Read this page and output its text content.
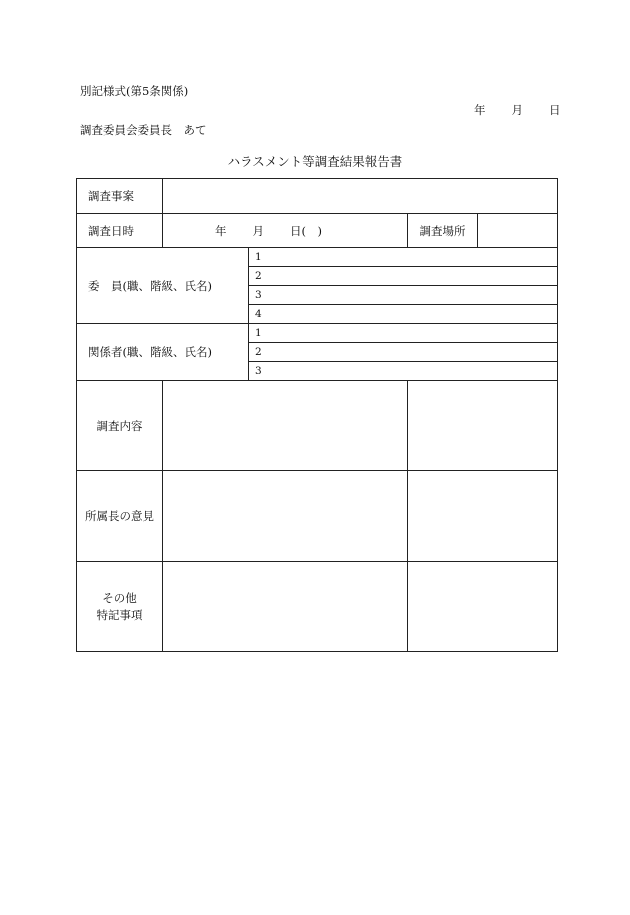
別記様式(第5条関係)
年 月 日
調査委員会委員長　あて
ハラスメント等調査結果報告書
調査事案				
調査日時	年 月 日(　)		調査場所	
委　員(職、階級、氏名)		1		
		2		
		3		
		4		
関係者(職、階級、氏名)		1		
		2		
		3		
調査内容				
所属長の意見				
その他
特記事項				
